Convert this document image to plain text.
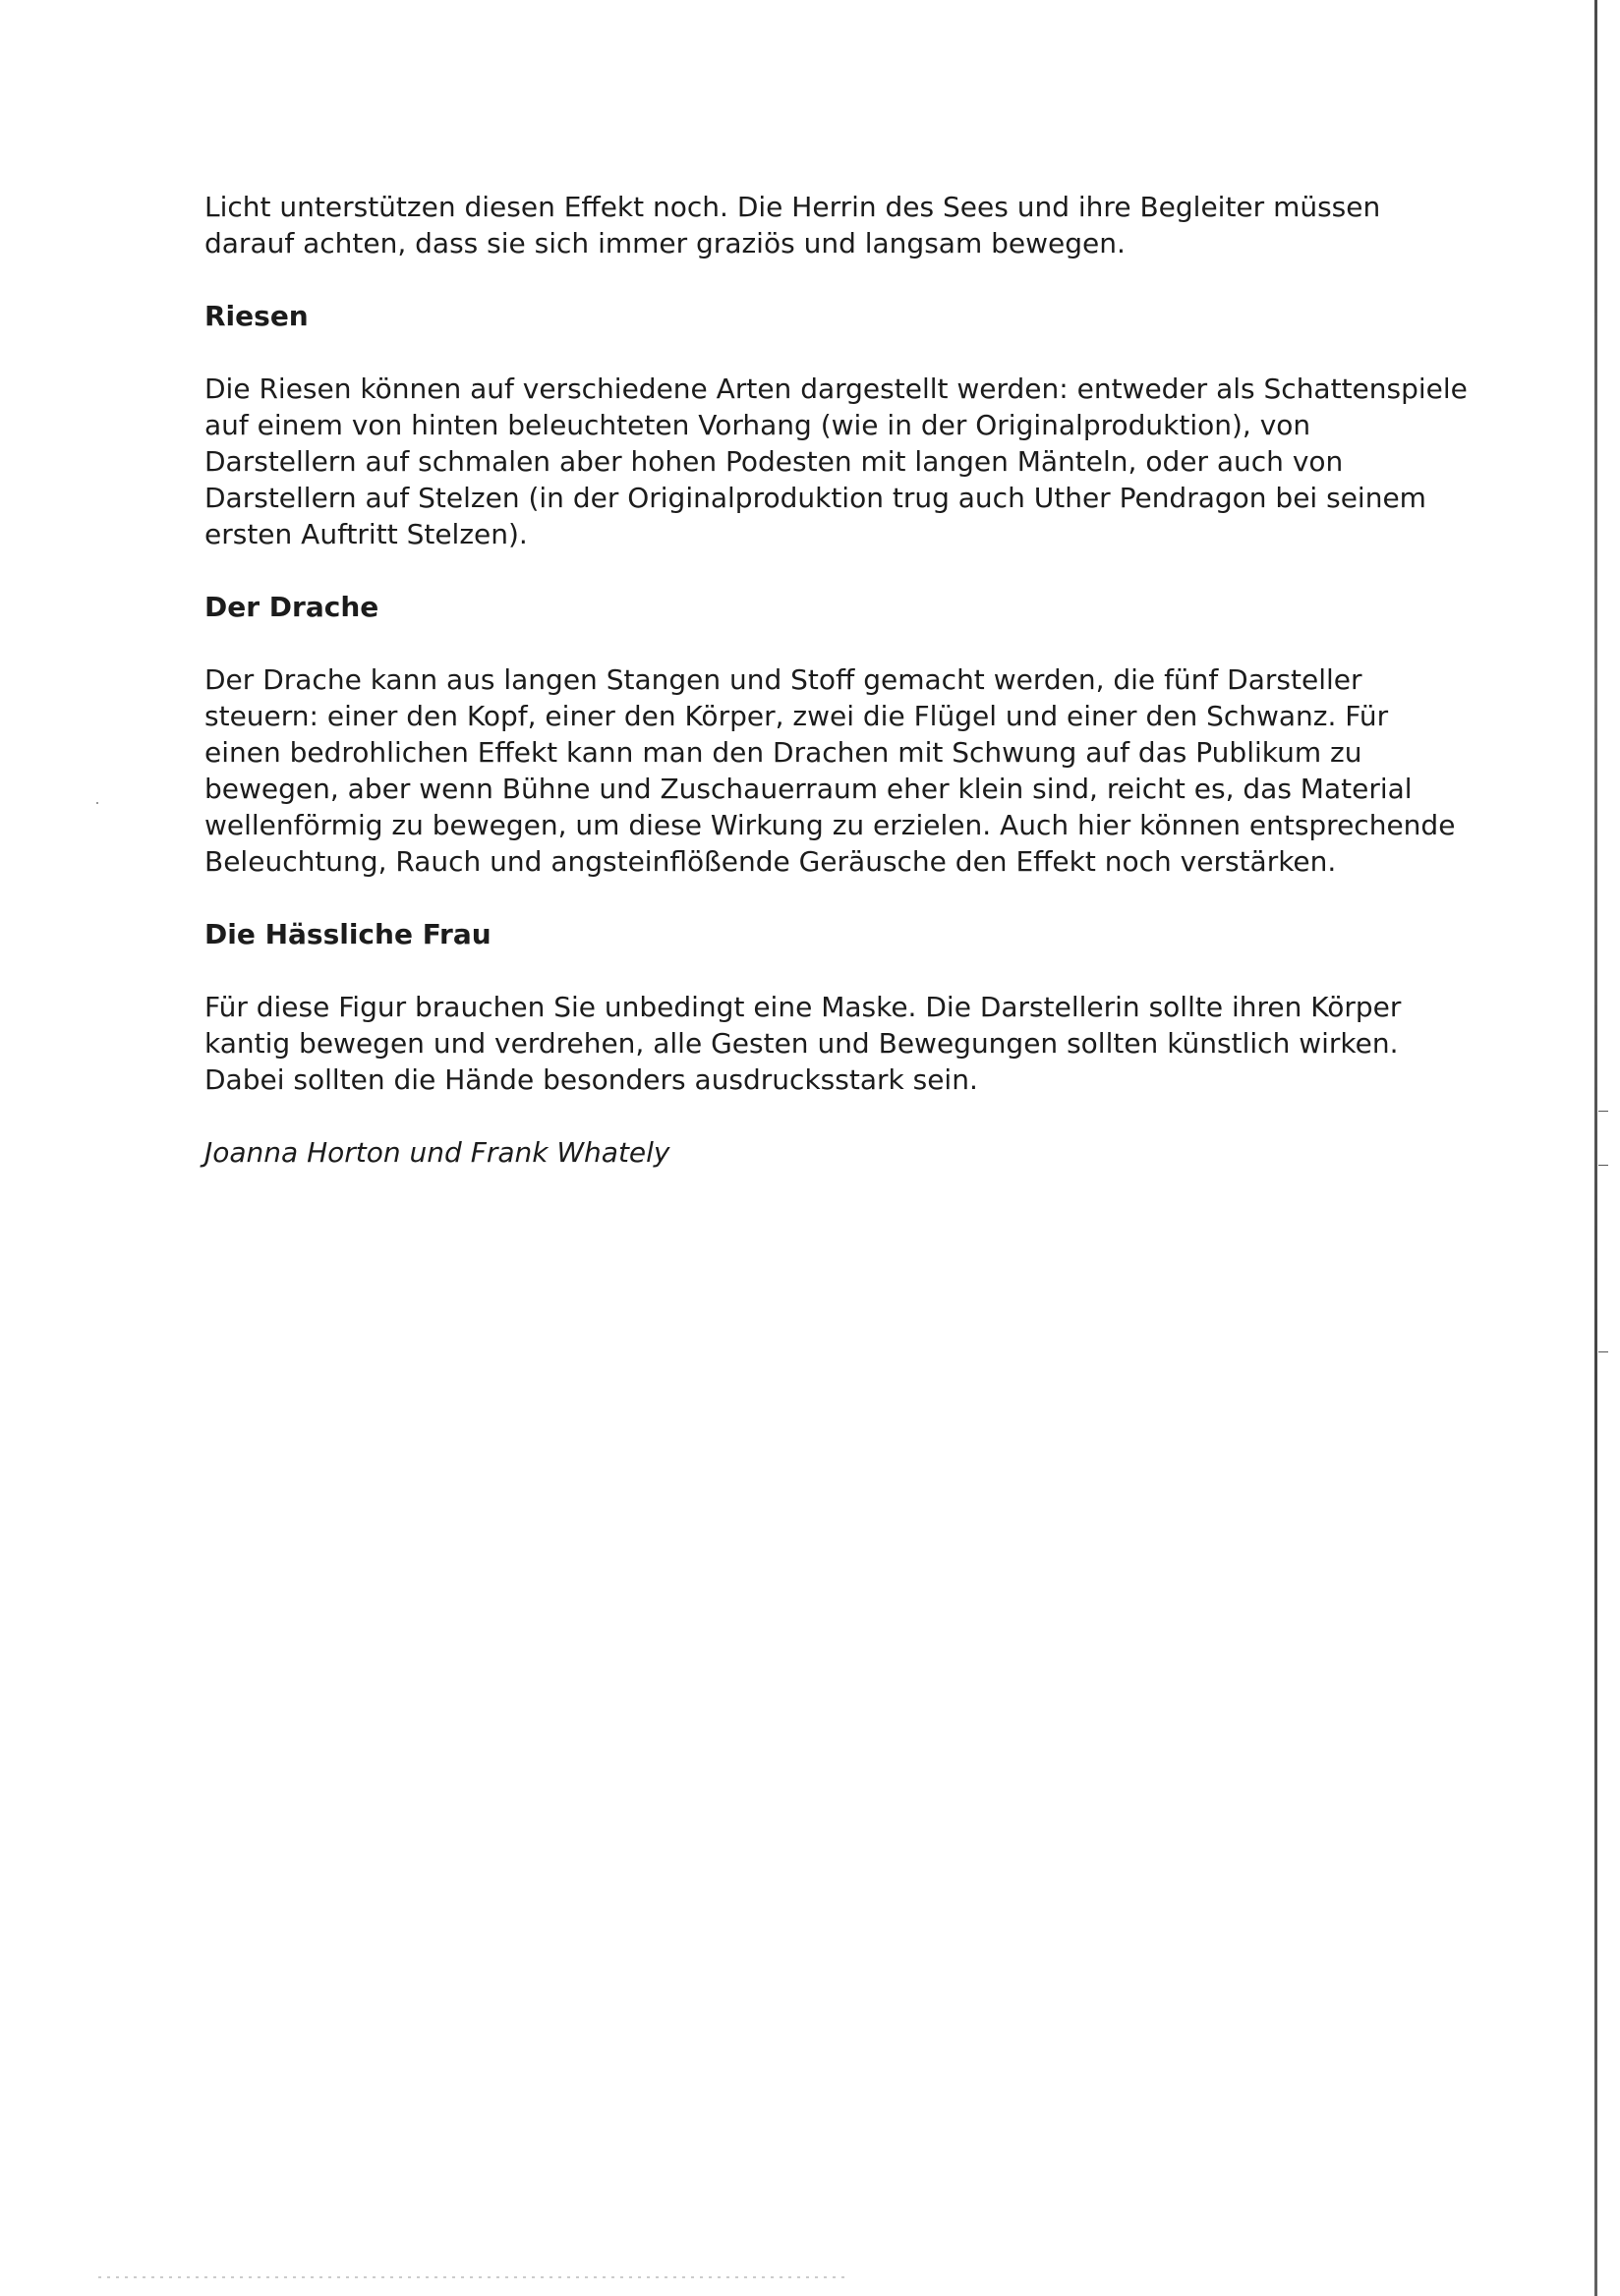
Licht unterstützen diesen Effekt noch. Die Herrin des Sees und ihre Begleiter müssen
darauf achten, dass sie sich immer graziös und langsam bewegen.

Riesen

Die Riesen können auf verschiedene Arten dargestellt werden: entweder als Schattenspiele
auf einem von hinten beleuchteten Vorhang (wie in der Originalproduktion), von
Darstellern auf schmalen aber hohen Podesten mit langen Mänteln, oder auch von
Darstellern auf Stelzen (in der Originalproduktion trug auch Uther Pendragon bei seinem
ersten Auftritt Stelzen).

Der Drache

Der Drache kann aus langen Stangen und Stoff gemacht werden, die fünf Darsteller
steuern: einer den Kopf, einer den Körper, zwei die Flügel und einer den Schwanz. Für
einen bedrohlichen Effekt kann man den Drachen mit Schwung auf das Publikum zu
bewegen, aber wenn Bühne und Zuschauerraum eher klein sind, reicht es, das Material
wellenförmig zu bewegen, um diese Wirkung zu erzielen. Auch hier können entsprechende
Beleuchtung, Rauch und angsteinflößende Geräusche den Effekt noch verstärken.

Die Hässliche Frau

Für diese Figur brauchen Sie unbedingt eine Maske. Die Darstellerin sollte ihren Körper
kantig bewegen und verdrehen, alle Gesten und Bewegungen sollten künstlich wirken.
Dabei sollten die Hände besonders ausdrucksstark sein.

Joanna Horton und Frank Whately
